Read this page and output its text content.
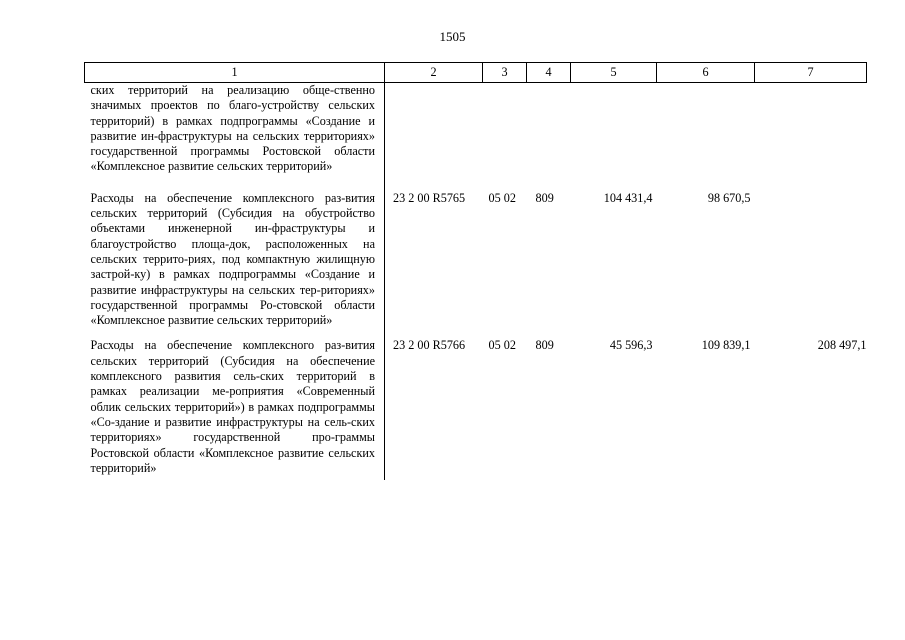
1505
1	2	3	4	5	6	7
ских территорий на реализацию обще-ственно значимых проектов по благо-устройству сельских территорий) в рамках подпрограммы «Создание и развитие ин-фраструктуры на сельских территориях» государственной программы Ростовской области «Комплексное развитие сельских территорий»						
Расходы на обеспечение комплексного раз-вития сельских территорий (Субсидия на обустройство объектами инженерной ин-фраструктуры и благоустройство площа-док, расположенных на сельских террито-риях, под компактную жилищную застрой-ку) в рамках подпрограммы «Создание и развитие инфраструктуры на сельских тер-риториях» государственной программы Ро-стовской области «Комплексное развитие сельских территорий»	23 2 00 R5765	05 02	809	104 431,4	98 670,5	
Расходы на обеспечение комплексного раз-вития сельских территорий (Субсидия на обеспечение комплексного развития сель-ских территорий в рамках реализации ме-роприятия «Современный облик сельских территорий») в рамках подпрограммы «Со-здание и развитие инфраструктуры на сель-ских территориях» государственной про-граммы Ростовской области «Комплексное развитие сельских территорий»	23 2 00 R5766	05 02	809	45 596,3	109 839,1	208 497,1
